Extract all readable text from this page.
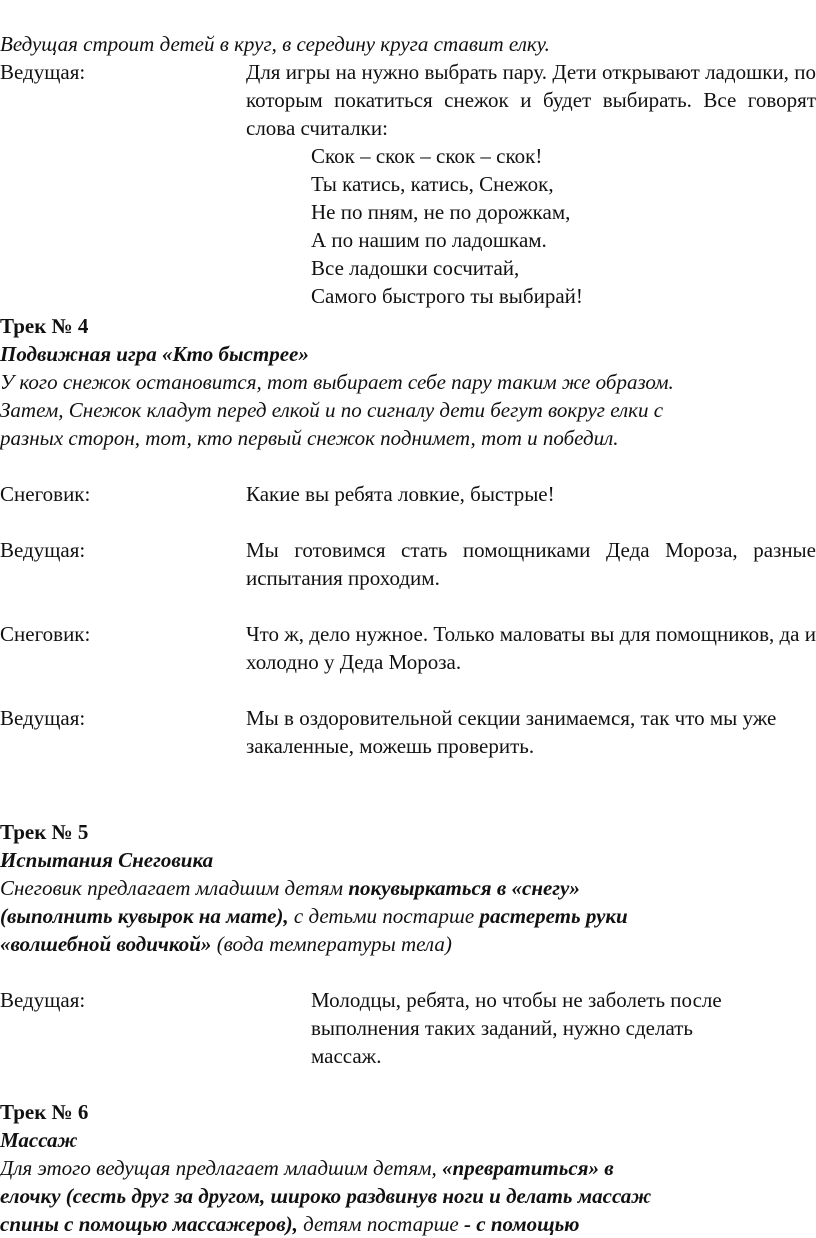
Ведущая строит детей в круг, в середину круга ставит елку.
Ведущая:	Для игры на нужно выбрать пару. Дети открывают ладошки, по которым покатиться снежок и будет выбирать. Все говорят слова считалки:
Скок – скок – скок – скок!
Ты катись, катись, Снежок,
Не по пням, не по дорожкам,
А по нашим по ладошкам.
Все ладошки сосчитай,
Самого быстрого ты выбирай!
Трек № 4
Подвижная игра «Кто быстрее»
У кого снежок остановится, тот выбирает себе пару таким же образом.
Затем, Снежок кладут перед елкой и по сигналу дети бегут вокруг елки с
разных сторон, тот, кто первый снежок поднимет, тот и победил.
Снеговик:	Какие вы ребята ловкие, быстрые!
Ведущая:	Мы готовимся стать помощниками Деда Мороза, разные испытания проходим.
Снеговик:	Что ж, дело нужное. Только маловаты вы для помощников, да и холодно у Деда Мороза.
Ведущая:	Мы в оздоровительной секции занимаемся, так что мы уже закаленные, можешь проверить.
Трек № 5
Испытания Снеговика
Снеговик предлагает младшим детям покувыркаться в «снегу»
(выполнить кувырок на мате), с детьми постарше растереть руки
«волшебной водичкой» (вода температуры тела)
Ведущая:	Молодцы, ребята, но чтобы не заболеть после
выполнения таких заданий, нужно сделать
массаж.
Трек № 6
Массаж
Для этого ведущая предлагает младшим детям, «превратиться» в
елочку (сесть друг за другом, широко раздвинув ноги и делать массаж
спины с помощью массажеров), детям постарше - с помощью
